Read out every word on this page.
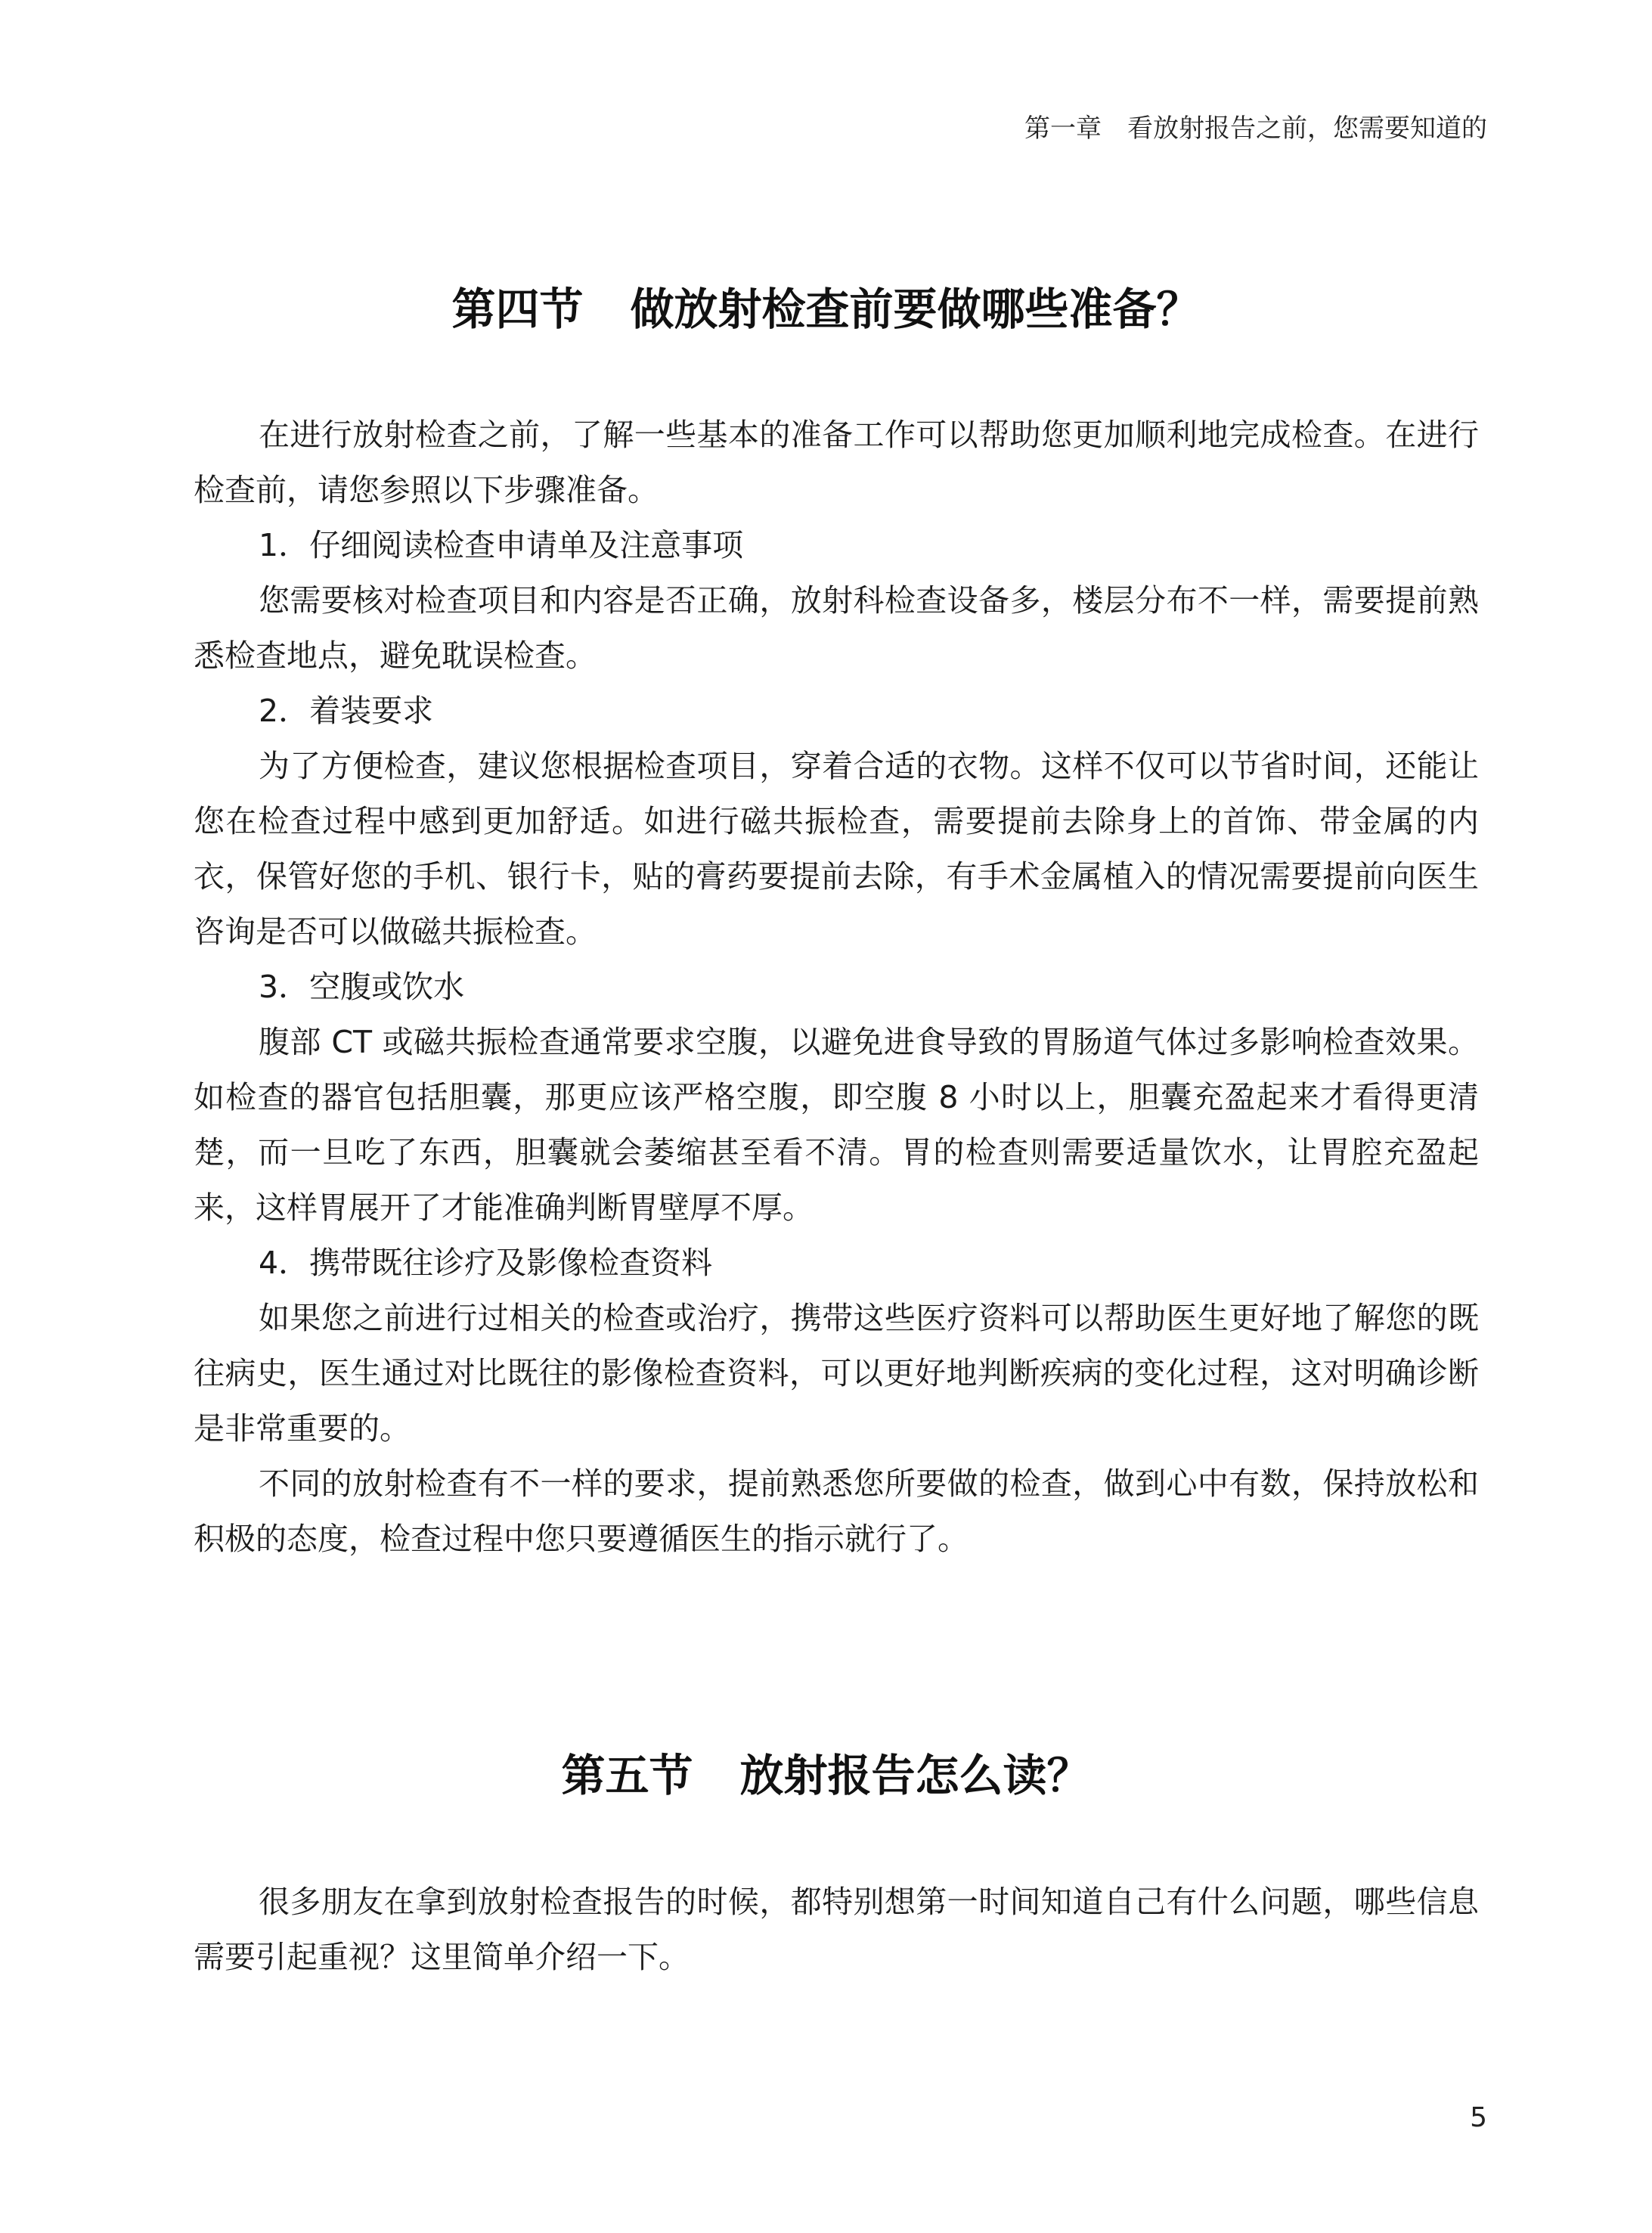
第一章 看放射报告之前，您需要知道的
第四节 做放射检查前要做哪些准备？

在进行放射检查之前，了解一些基本的准备工作可以帮助您更加顺利地完成检查。在进行检查前，请您参照以下步骤准备。

1．仔细阅读检查申请单及注意事项

您需要核对检查项目和内容是否正确，放射科检查设备多，楼层分布不一样，需要提前熟悉检查地点，避免耽误检查。

2．着装要求

为了方便检查，建议您根据检查项目，穿着合适的衣物。这样不仅可以节省时间，还能让您在检查过程中感到更加舒适。如进行磁共振检查，需要提前去除身上的首饰、带金属的内衣，保管好您的手机、银行卡，贴的膏药要提前去除，有手术金属植入的情况需要提前向医生咨询是否可以做磁共振检查。

3．空腹或饮水

腹部 CT 或磁共振检查通常要求空腹，以避免进食导致的胃肠道气体过多影响检查效果。如检查的器官包括胆囊，那更应该严格空腹，即空腹 8 小时以上，胆囊充盈起来才看得更清楚，而一旦吃了东西，胆囊就会萎缩甚至看不清。胃的检查则需要适量饮水，让胃腔充盈起来，这样胃展开了才能准确判断胃壁厚不厚。

4．携带既往诊疗及影像检查资料

如果您之前进行过相关的检查或治疗，携带这些医疗资料可以帮助医生更好地了解您的既往病史，医生通过对比既往的影像检查资料，可以更好地判断疾病的变化过程，这对明确诊断是非常重要的。

不同的放射检查有不一样的要求，提前熟悉您所要做的检查，做到心中有数，保持放松和积极的态度，检查过程中您只要遵循医生的指示就行了。

第五节 放射报告怎么读？

很多朋友在拿到放射检查报告的时候，都特别想第一时间知道自己有什么问题，哪些信息需要引起重视？这里简单介绍一下。

5
